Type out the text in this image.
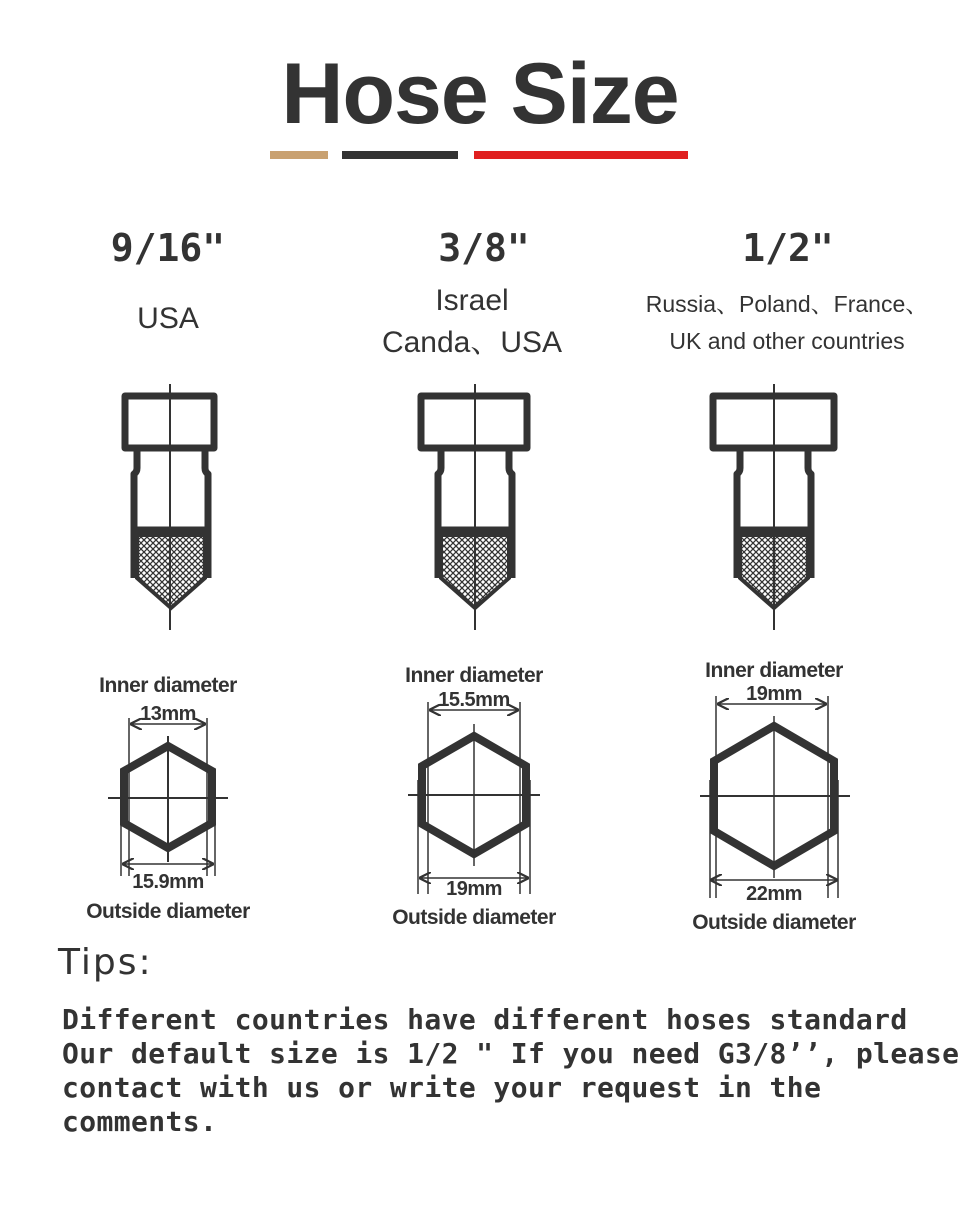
Hose Size
9/16"
USA
3/8"
Israel
Canda、USA
1/2"
Russia、Poland、France、
UK and other countries
Inner diameter
13mm
15.9mm
Outside diameter
Inner diameter
15.5mm
19mm
Outside diameter
Inner diameter
19mm
22mm
Outside diameter
Tips:
Different countries have different hoses standard
Our default size is 1/2 " If you need G3/8’’, please
contact with us or write your request in the
comments.
